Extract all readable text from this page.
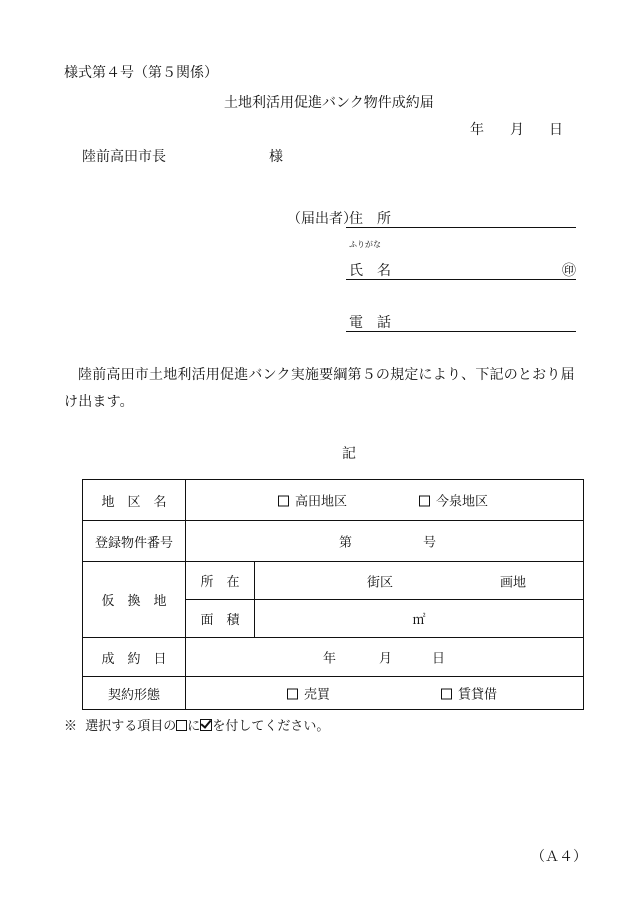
様式第４号（第５関係）
土地利活用促進バンク物件成約届
年 月 日
陸前高田市長	様
（届出者）
住　所
ふりがな
氏　名	㊞
電　話
陸前高田市土地利活用促進バンク実施要綱第５の規定により、下記のとおり届け出ます。
記
地　区　名	高田地区 今泉地区	

登録物件番号	第 号	

仮　換　地	所　在	街区 画地

	面　積	㎡
成　約　日	年 月 日	

契約形態	売買 賃貸借	
※ 選択する項目の に を付してください。
（Ａ４）
